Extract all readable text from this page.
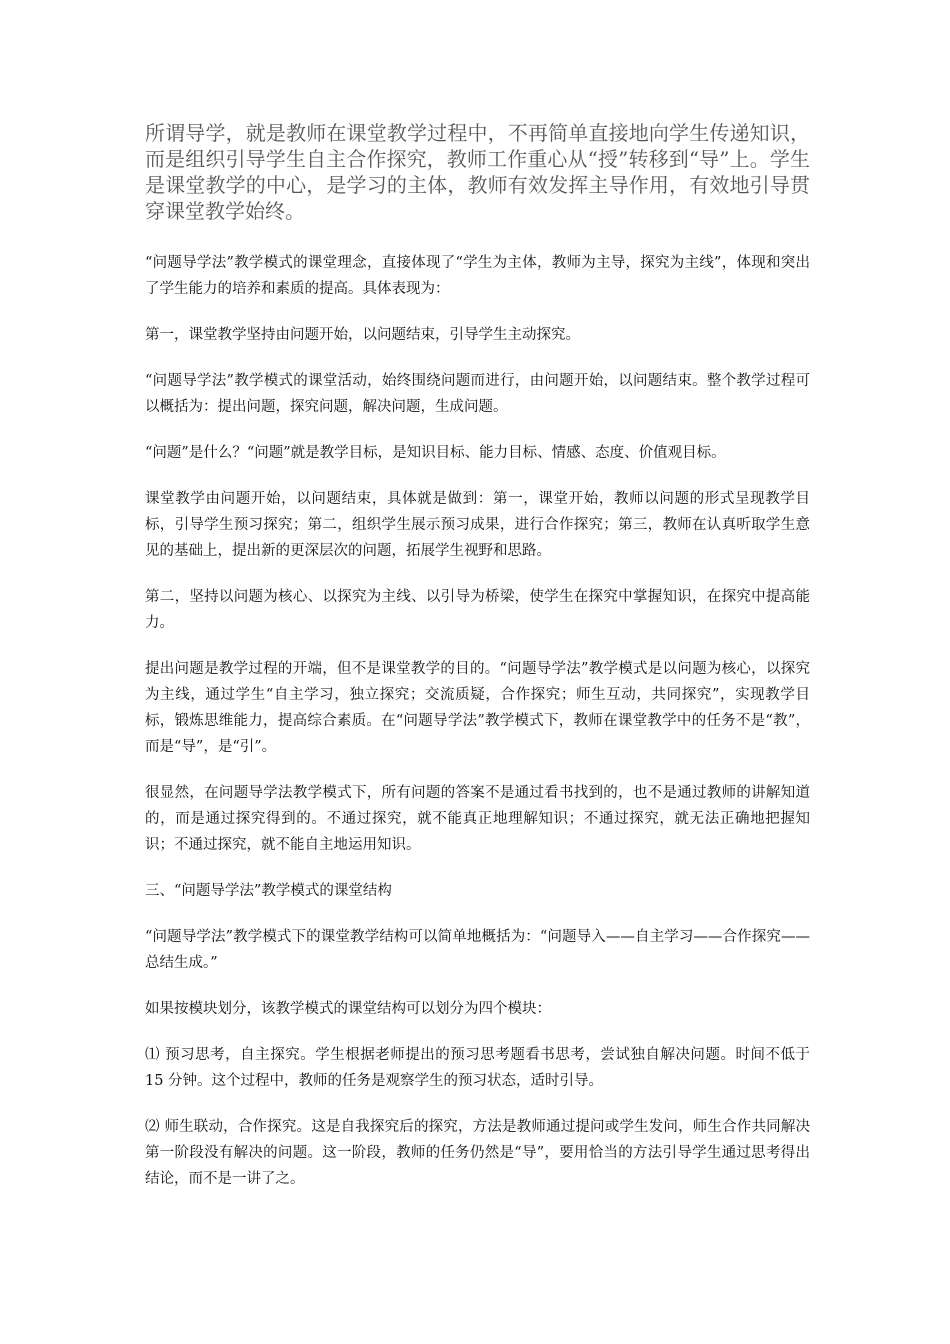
所谓导学，就是教师在课堂教学过程中，不再简单直接地向学生传递知识，而是组织引导学生自主合作探究，教师工作重心从“授”转移到“导”上。学生是课堂教学的中心，是学习的主体，教师有效发挥主导作用，有效地引导贯穿课堂教学始终。

“问题导学法”教学模式的课堂理念，直接体现了“学生为主体，教师为主导，探究为主线”，体现和突出了学生能力的培养和素质的提高。具体表现为：

第一，课堂教学坚持由问题开始，以问题结束，引导学生主动探究。

“问题导学法”教学模式的课堂活动，始终围绕问题而进行，由问题开始，以问题结束。整个教学过程可以概括为：提出问题，探究问题，解决问题，生成问题。

“问题”是什么？“问题”就是教学目标，是知识目标、能力目标、情感、态度、价值观目标。

课堂教学由问题开始，以问题结束，具体就是做到：第一，课堂开始，教师以问题的形式呈现教学目标，引导学生预习探究；第二，组织学生展示预习成果，进行合作探究；第三，教师在认真听取学生意见的基础上，提出新的更深层次的问题，拓展学生视野和思路。

第二，坚持以问题为核心、以探究为主线、以引导为桥梁，使学生在探究中掌握知识，在探究中提高能力。

提出问题是教学过程的开端，但不是课堂教学的目的。“问题导学法”教学模式是以问题为核心，以探究为主线，通过学生“自主学习，独立探究；交流质疑，合作探究；师生互动，共同探究”，实现教学目标，锻炼思维能力，提高综合素质。在“问题导学法”教学模式下，教师在课堂教学中的任务不是“教”，而是“导”，是“引”。

很显然，在问题导学法教学模式下，所有问题的答案不是通过看书找到的，也不是通过教师的讲解知道的，而是通过探究得到的。不通过探究，就不能真正地理解知识；不通过探究，就无法正确地把握知识；不通过探究，就不能自主地运用知识。

三、“问题导学法”教学模式的课堂结构

“问题导学法”教学模式下的课堂教学结构可以简单地概括为：“问题导入——自主学习——合作探究——总结生成。”

如果按模块划分，该教学模式的课堂结构可以划分为四个模块：

⑴ 预习思考，自主探究。学生根据老师提出的预习思考题看书思考，尝试独自解决问题。时间不低于 15 分钟。这个过程中，教师的任务是观察学生的预习状态，适时引导。

⑵ 师生联动，合作探究。这是自我探究后的探究，方法是教师通过提问或学生发问，师生合作共同解决第一阶段没有解决的问题。这一阶段，教师的任务仍然是“导”，要用恰当的方法引导学生通过思考得出结论，而不是一讲了之。
